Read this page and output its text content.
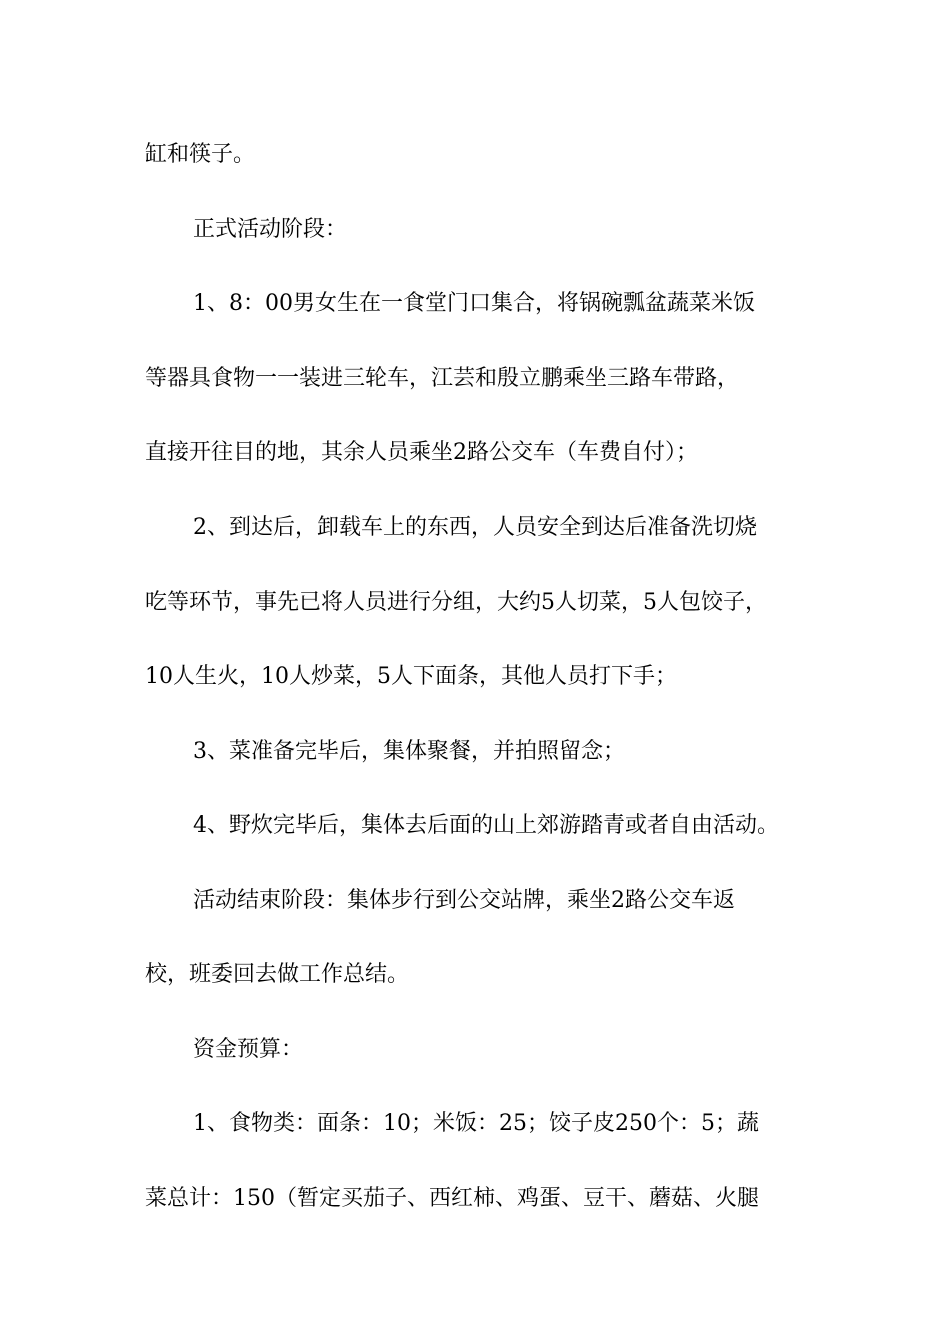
缸和筷子。

正式活动阶段：

1、8：00男女生在一食堂门口集合，将锅碗瓢盆蔬菜米饭

等器具食物一一装进三轮车，江芸和殷立鹏乘坐三路车带路，

直接开往目的地，其余人员乘坐2路公交车（车费自付）；

2、到达后，卸载车上的东西，人员安全到达后准备洗切烧

吃等环节，事先已将人员进行分组，大约5人切菜，5人包饺子，

10人生火，10人炒菜，5人下面条，其他人员打下手；

3、菜准备完毕后，集体聚餐，并拍照留念；

4、野炊完毕后，集体去后面的山上郊游踏青或者自由活动。

活动结束阶段：集体步行到公交站牌，乘坐2路公交车返

校，班委回去做工作总结。

资金预算：

1、食物类：面条：10；米饭：25；饺子皮250个：5；蔬

菜总计：150（暂定买茄子、西红柿、鸡蛋、豆干、蘑菇、火腿
